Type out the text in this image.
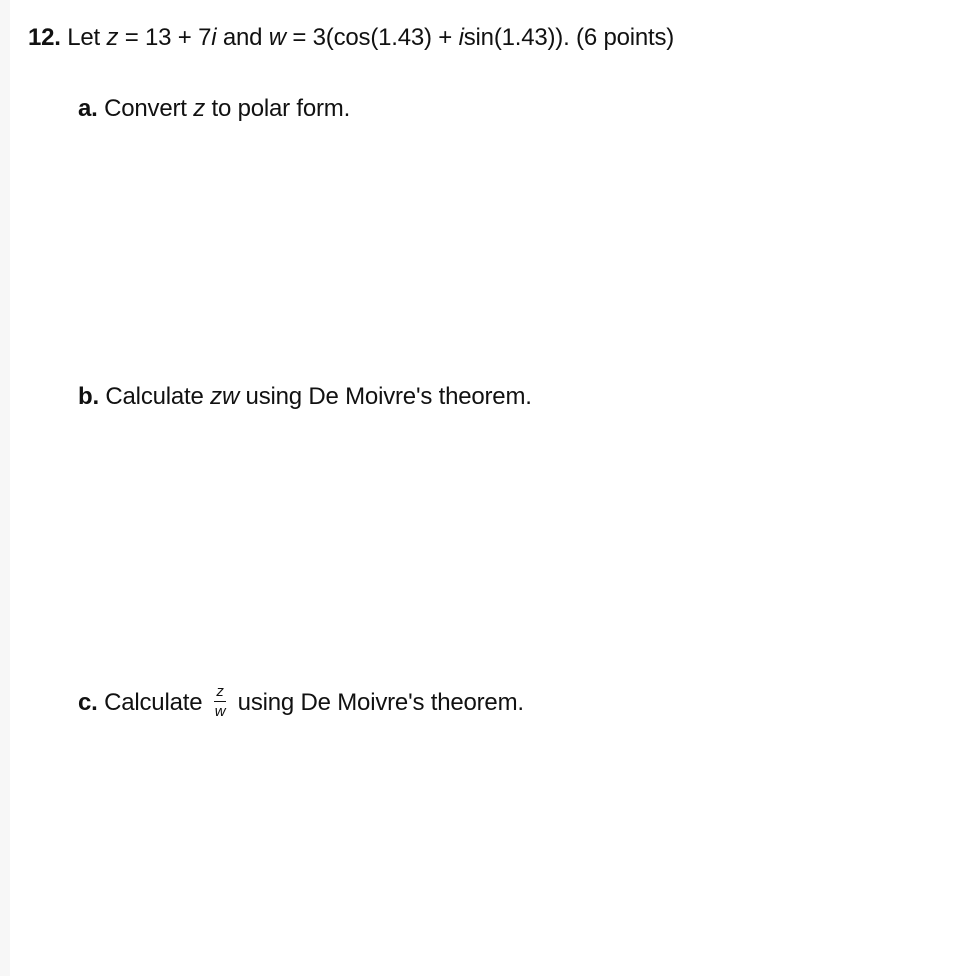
12. Let z = 13 + 7i and w = 3(cos(1.43) + isin(1.43)). (6 points)
a. Convert z to polar form.
b. Calculate zw using De Moivre's theorem.
c. Calculate $\frac{z}{w}$ using De Moivre's theorem.
